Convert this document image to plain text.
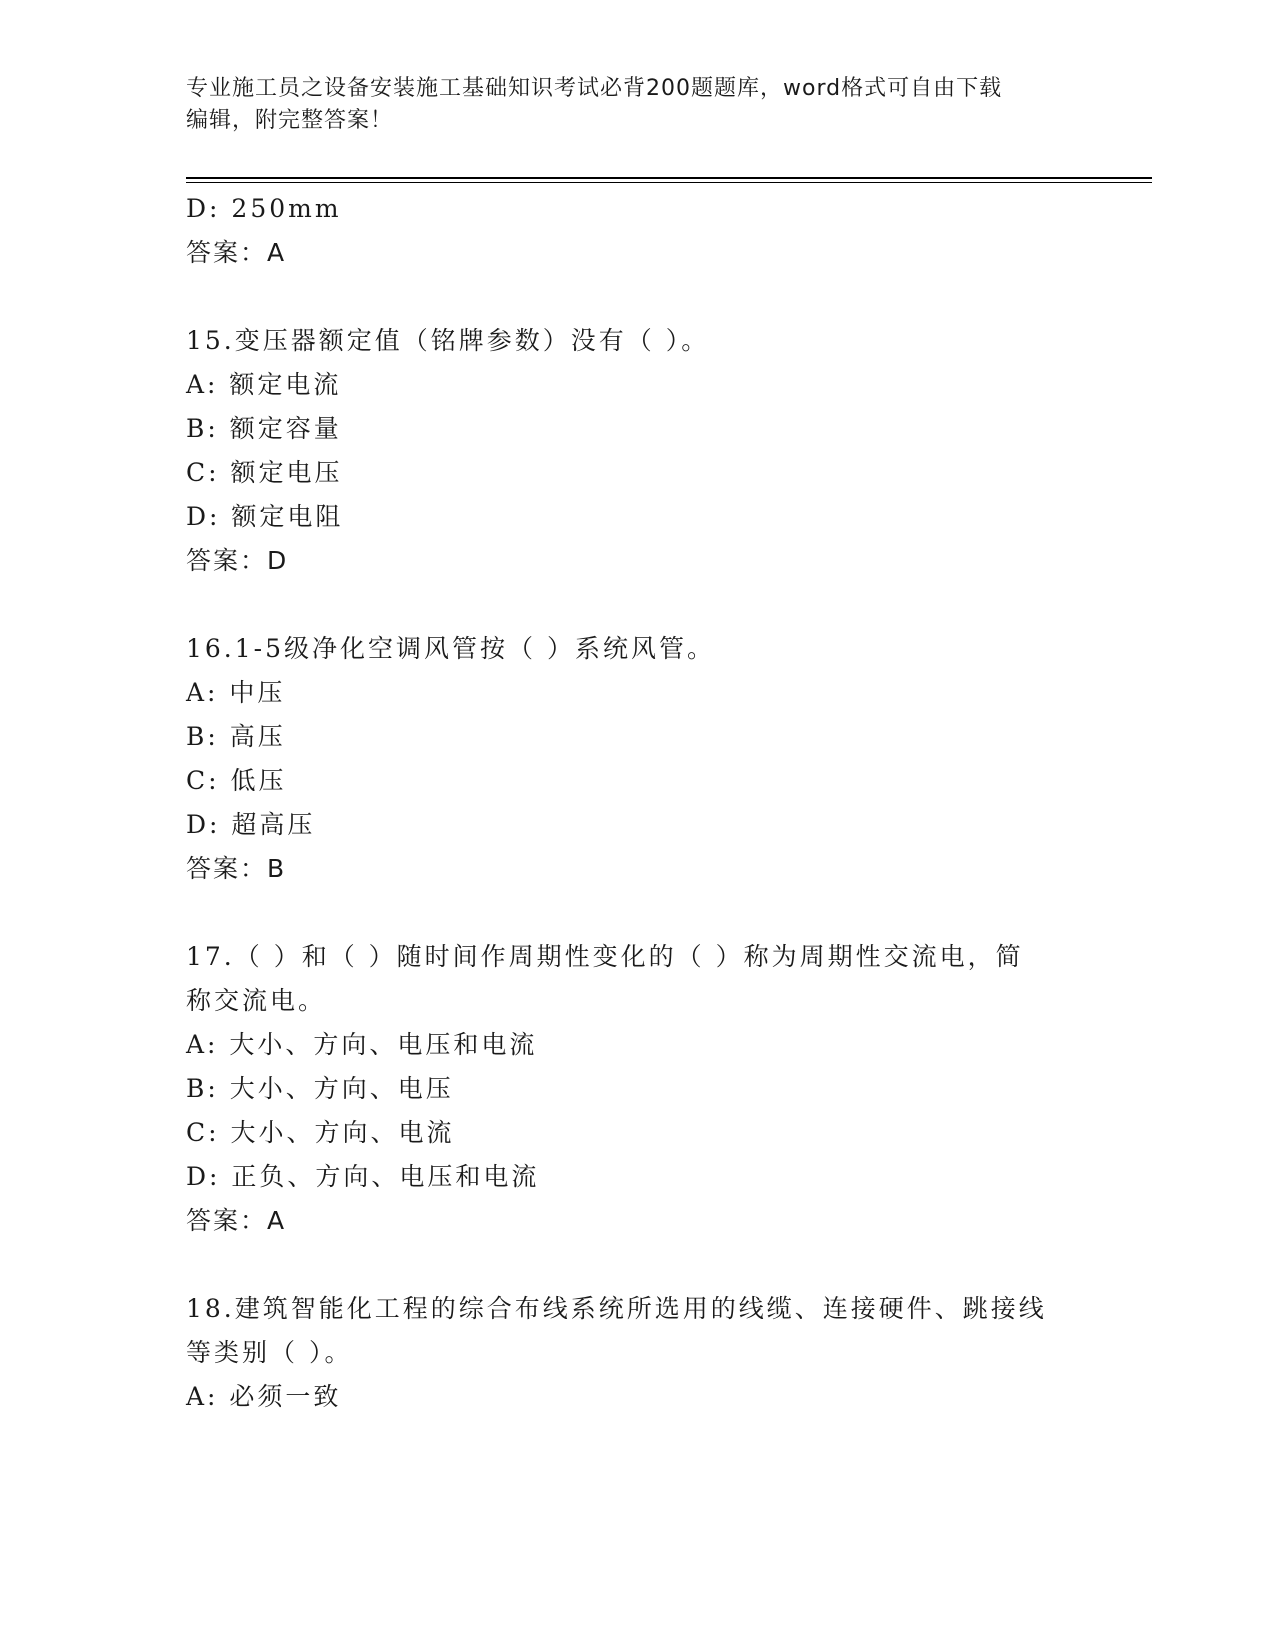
专业施工员之设备安装施工基础知识考试必背200题题库，word格式可自由下载
编辑，附完整答案！
D: 250mm
答案：A
15.变压器额定值（铭牌参数）没有（ ）。
A: 额定电流
B: 额定容量
C: 额定电压
D: 额定电阻
答案：D
16.1-5级净化空调风管按（ ）系统风管。
A: 中压
B: 高压
C: 低压
D: 超高压
答案：B
17.（ ）和（ ）随时间作周期性变化的（ ）称为周期性交流电，简
称交流电。
A: 大小、方向、电压和电流
B: 大小、方向、电压
C: 大小、方向、电流
D: 正负、方向、电压和电流
答案：A
18.建筑智能化工程的综合布线系统所选用的线缆、连接硬件、跳接线
等类别（ ）。
A: 必须一致
